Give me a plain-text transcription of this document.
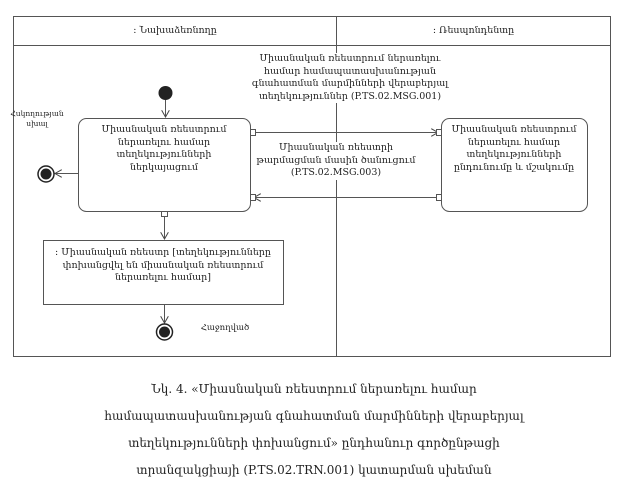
: Նախաձեռնողը	: Ռեսպոնդենտը
Միասնական ռեեստրում ներառելու համար համապատասխանության գնահատման մարմինների վերաբերյալ տեղեկություններ (P.TS.02.MSG.001)
Միասնական ռեեստրի թարմացման մասին ծանուցում (P.TS.02.MSG.003)
Միասնական ռեեստրում ներառելու համար տեղեկությունների ներկայացում
Միասնական ռեեստրում ներառելու համար տեղեկությունների ընդունումը և մշակումը
: Միասնական ռեեստր [տեղեկությունները փոխանցվել են միասնական ռեեստրում ներառելու համար]
Հսկողության սխալ
Հաջողված
Նկ. 4. «Միասնական ռեեստրում ներառելու համար համապատասխանության գնահատման մարմինների վերաբերյալ տեղեկությունների փոխանցում» ընդհանուր գործընթացի տրանզակցիայի (P.TS.02.TRN.001) կատարման սխեման
